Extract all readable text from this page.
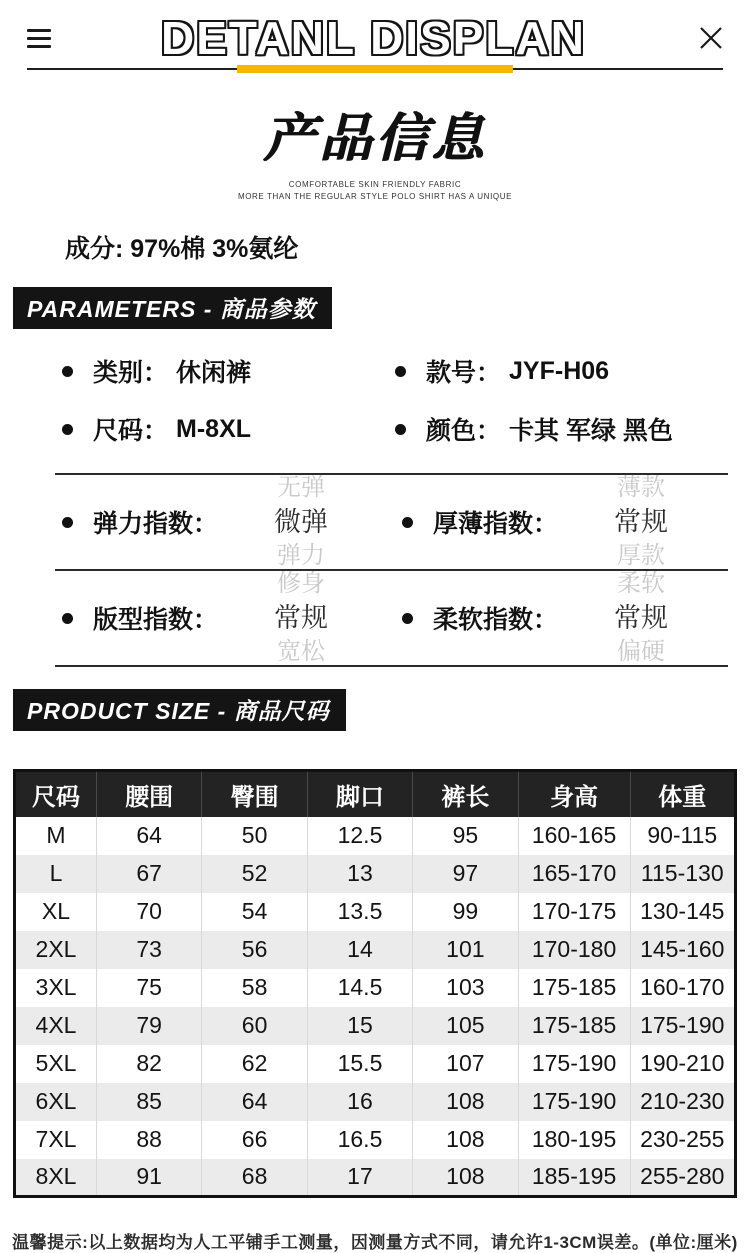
DETANL DISPLAN
产品信息
COMFORTABLE SKIN FRIENDLY FABRIC
MORE THAN THE REGULAR STYLE POLO SHIRT HAS A UNIQUE
成分: 97%棉 3%氨纶
PARAMETERS - 商品参数
类别： 休闲裤	款号： JYF-H06
尺码： M-8XL	颜色： 卡其 军绿 黑色
弹力指数：
无弹
微弹
弹力
厚薄指数：
薄款
常规
厚款
版型指数：
修身
常规
宽松
柔软指数：
柔软
常规
偏硬
PRODUCT SIZE - 商品尺码
尺码	腰围	臀围	脚口	裤长	身高	体重
M	64	50	12.5	95	160-165	90-115
L	67	52	13	97	165-170	115-130
XL	70	54	13.5	99	170-175	130-145
2XL	73	56	14	101	170-180	145-160
3XL	75	58	14.5	103	175-185	160-170
4XL	79	60	15	105	175-185	175-190
5XL	82	62	15.5	107	175-190	190-210
6XL	85	64	16	108	175-190	210-230
7XL	88	66	16.5	108	180-195	230-255
8XL	91	68	17	108	185-195	255-280
温馨提示:以上数据均为人工平铺手工测量，因测量方式不同，请允许1-3CM误差。(单位:厘米)
